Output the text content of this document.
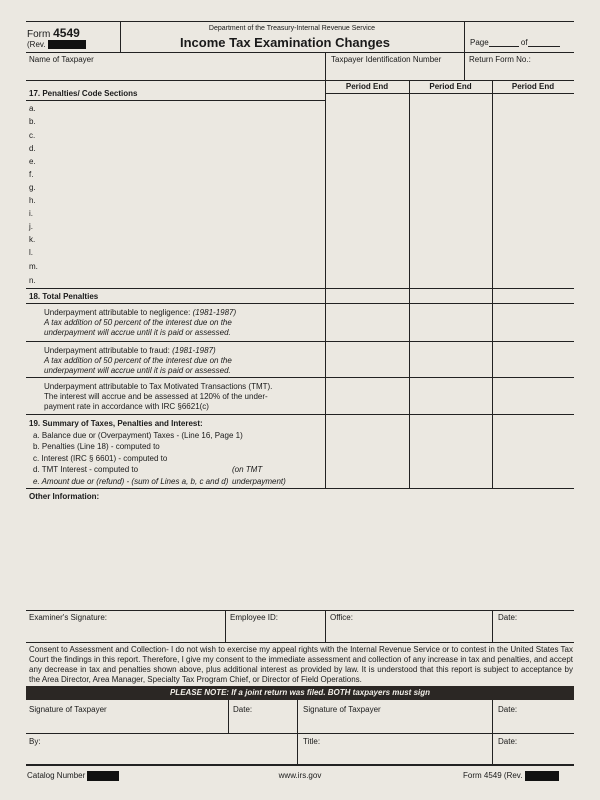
Form 4549
(Rev.
Department of the Treasury-Internal Revenue Service
Income Tax Examination Changes	Page	of
Name of Taxpayer	Taxpayer Identification Number	Return Form No.:
Period End	Period End	Period End
17. Penalties/ Code Sections
a.
b.
c.
d.
e.
f.
g.
h.
i.
j.
k.
l.
m.
n.
18. Total Penalties
Underpayment attributable to negligence: (1981-1987)
A tax addition of 50 percent of the interest due on the
underpayment will accrue until it is paid or assessed.
Underpayment attributable to fraud: (1981-1987)
A tax addition of 50 percent of the interest due on the
underpayment will accrue until it is paid or assessed.
Underpayment attributable to Tax Motivated Transactions (TMT).
The interest will accrue and be assessed at 120% of the under-
payment rate in accordance with IRC §6621(c)
19. Summary of Taxes, Penalties and Interest:
a. Balance due or (Overpayment) Taxes - (Line 16, Page 1)
b. Penalties (Line 18) - computed to
c. Interest (IRC § 6601) - computed to
d. TMT Interest - computed to	(on TMT underpayment)
e. Amount due or (refund) - (sum of Lines a, b, c and d)
Other Information:
Examiner's Signature:	Employee ID:	Office:	Date:
Consent to Assessment and Collection- I do not wish to exercise my appeal rights with the Internal Revenue Service or to contest in the United States Tax Court the findings in this report. Therefore, I give my consent to the immediate assessment and collection of any increase in tax and penalties, and accept any decrease in tax and penalties shown above, plus additional interest as provided by law. It is understood that this report is subject to acceptance by the Area Director, Area Manager, Specialty Tax Program Chief, or Director of Field Operations.
PLEASE NOTE: If a joint return was filed. BOTH taxpayers must sign
Signature of Taxpayer	Date:	Signature of Taxpayer	Date:
By:	Title:	Date:
Catalog Number	www.irs.gov	Form 4549 (Rev.
